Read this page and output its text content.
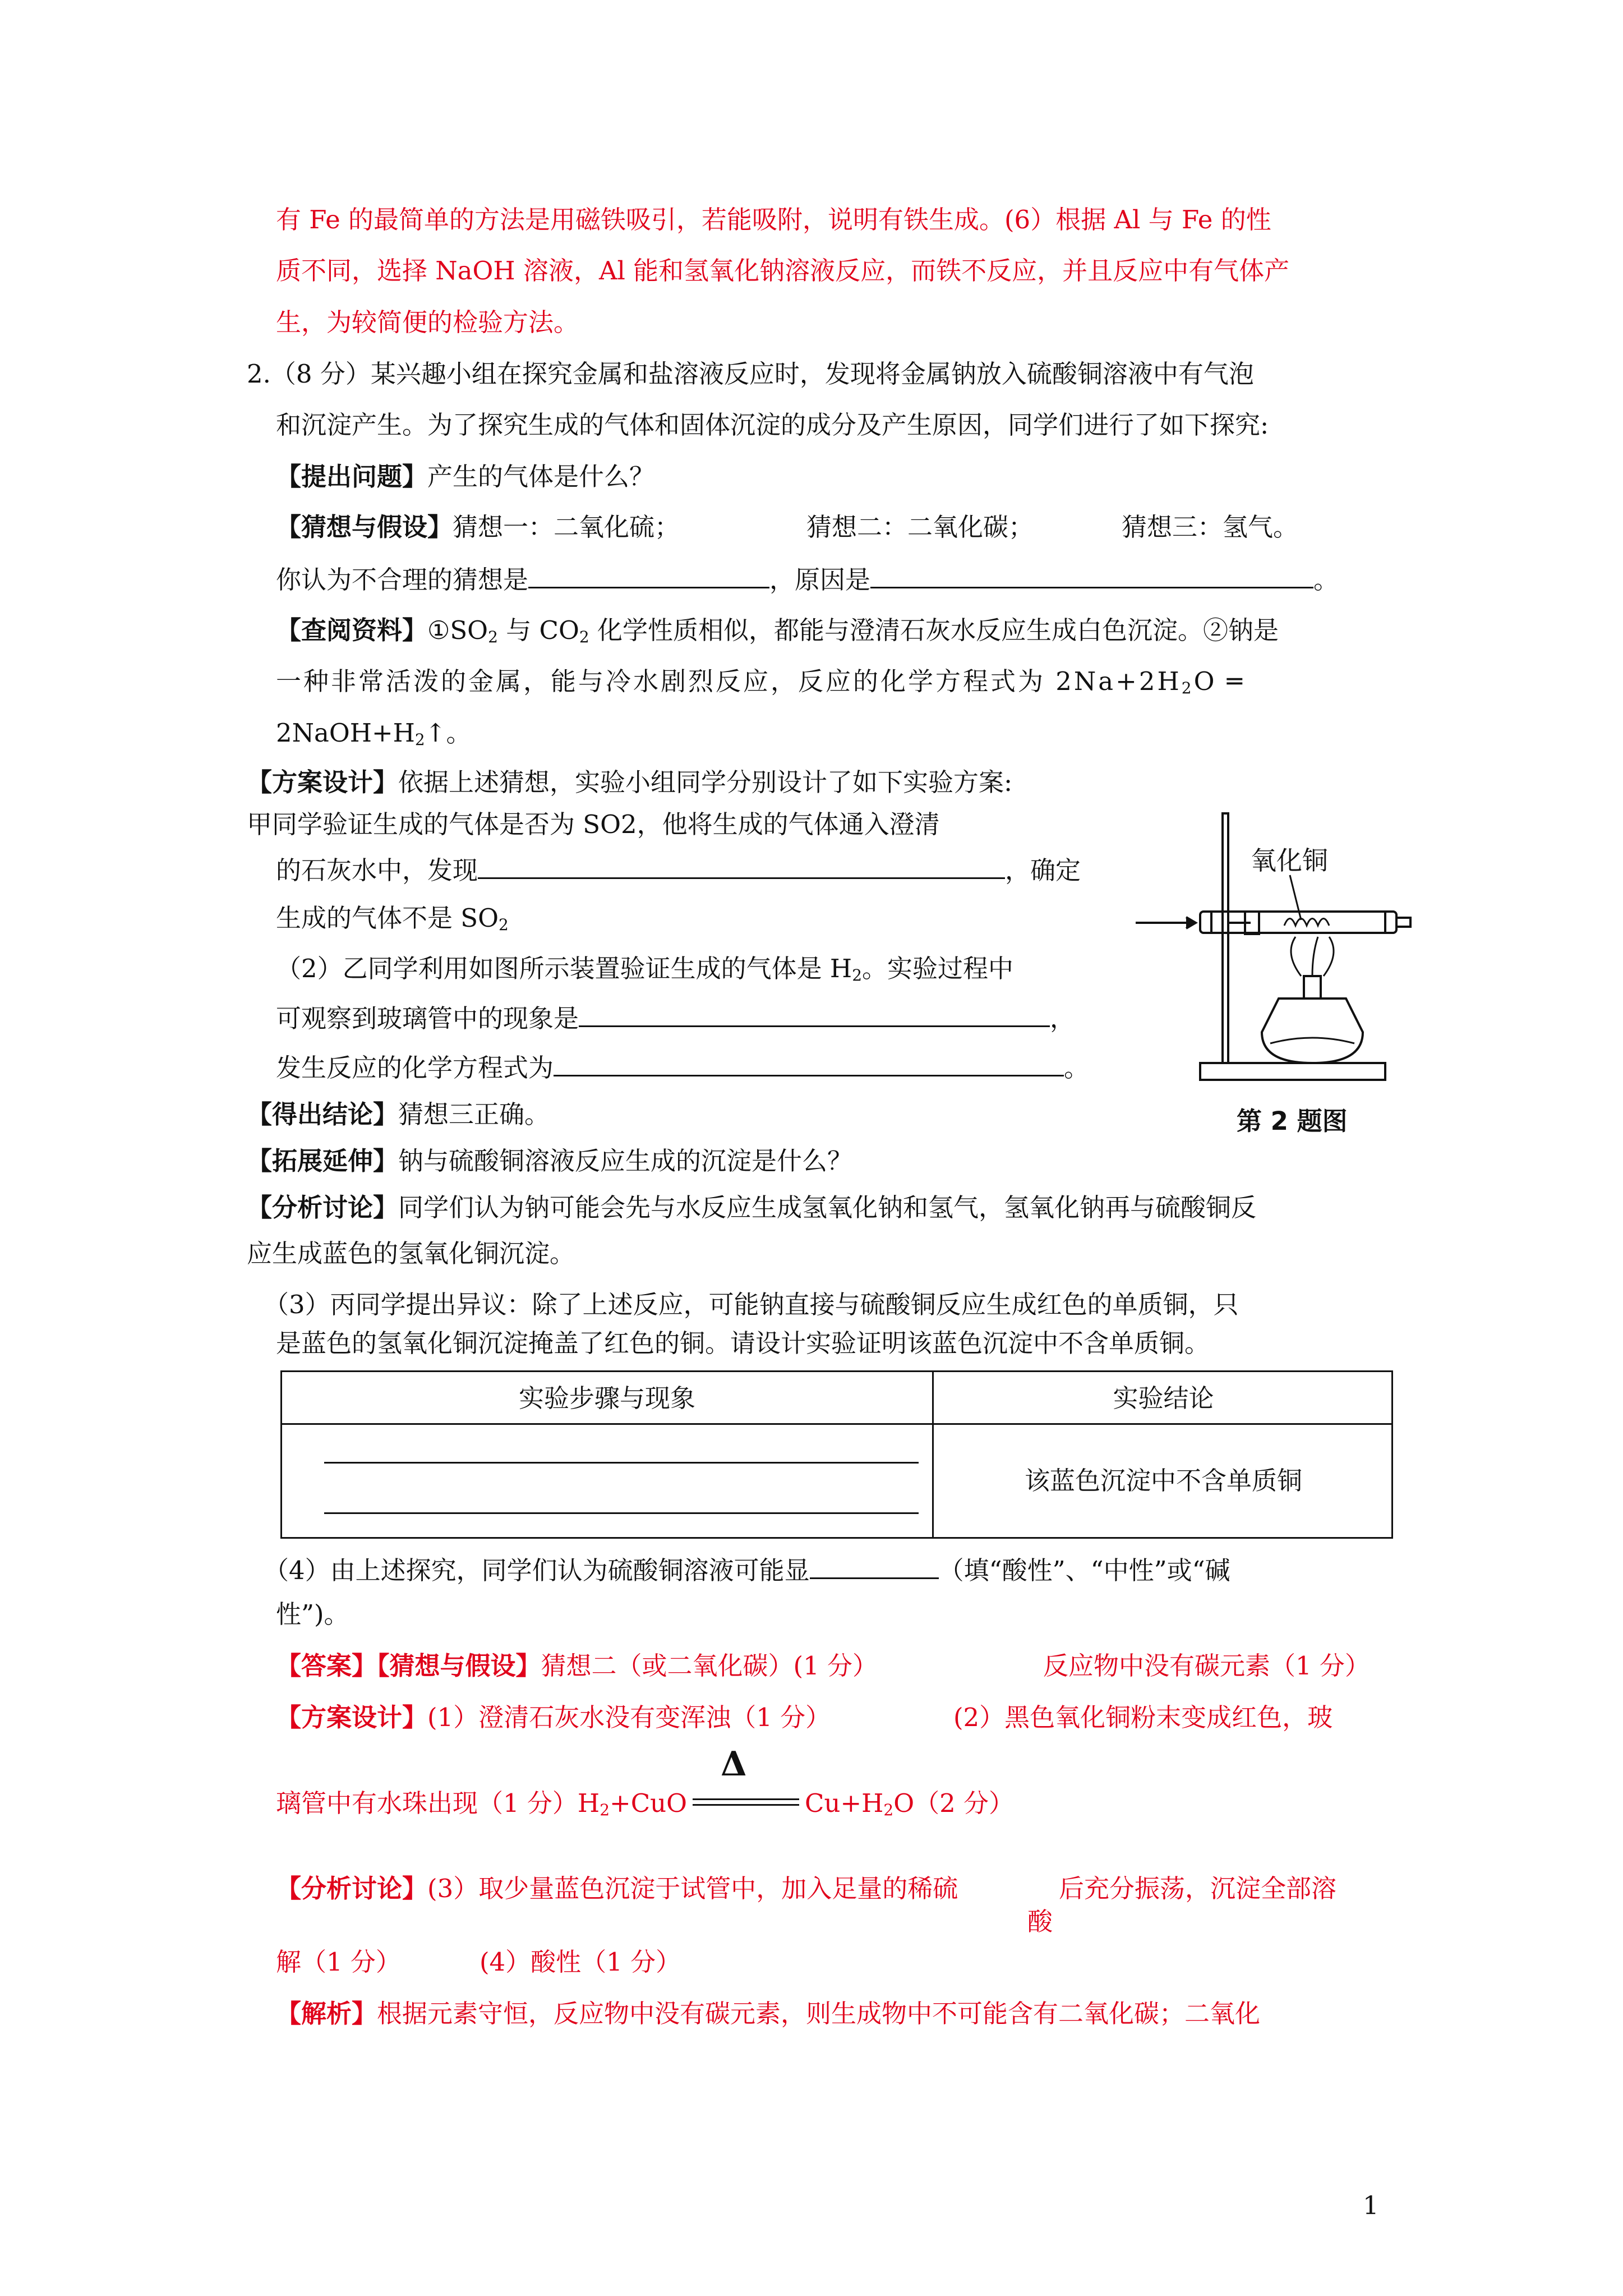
有 Fe 的最简单的方法是用磁铁吸引，若能吸附，说明有铁生成。(6）根据 Al 与 Fe 的性
质不同，选择 NaOH 溶液，Al 能和氢氧化钠溶液反应，而铁不反应，并且反应中有气体产
生，为较简便的检验方法。
2.（8 分）某兴趣小组在探究金属和盐溶液反应时，发现将金属钠放入硫酸铜溶液中有气泡
和沉淀产生。为了探究生成的气体和固体沉淀的成分及产生原因，同学们进行了如下探究:
【提出问题】产生的气体是什么？
【猜想与假设】猜想一：二氧化硫；	猜想二：二氧化碳；	猜想三：氢气。
你认为不合理的猜想是	，原因是	。
【查阅资料】$①SO_2$ 与 $CO_2$ 化学性质相似，都能与澄清石灰水反应生成白色沉淀。②钠是
一种非常活泼的金属，能与冷水剧烈反应，反应的化学方程式为 $2Na+2H_2O$ ═
$2NaOH+H_2↑$。
【方案设计】依据上述猜想，实验小组同学分别设计了如下实验方案:
甲同学验证生成的气体是否为 SO2，他将生成的气体通入澄清
的石灰水中，发现	，确定
生成的气体不是 $SO_2$
（2）乙同学利用如图所示装置验证生成的气体是 $H_2$。实验过程中
可观察到玻璃管中的现象是	，
发生反应的化学方程式为	。
氧化铜
第 2 题图
【得出结论】猜想三正确。
【拓展延伸】钠与硫酸铜溶液反应生成的沉淀是什么？
【分析讨论】同学们认为钠可能会先与水反应生成氢氧化钠和氢气，氢氧化钠再与硫酸铜反
应生成蓝色的氢氧化铜沉淀。
（3）丙同学提出异议：除了上述反应，可能钠直接与硫酸铜反应生成红色的单质铜，只
是蓝色的氢氧化铜沉淀掩盖了红色的铜。请设计实验证明该蓝色沉淀中不含单质铜。
实验步骤与现象	实验结论
该蓝色沉淀中不含单质铜
（4）由上述探究，同学们认为硫酸铜溶液可能显	（填“酸性”、“中性”或“碱
性”)。
【答案】【猜想与假设】猜想二（或二氧化碳）(1 分）	反应物中没有碳元素（1 分）
【方案设计】(1）澄清石灰水没有变浑浊（1 分）	(2）黑色氧化铜粉末变成红色，玻
璃管中有水珠出现（1 分）$H_2+CuO$	$Cu+H_2O(2$ 分）
Δ
【分析讨论】(3）取少量蓝色沉淀于试管中，加入足量的稀硫	后充分振荡，沉淀全部溶
酸
解（1 分）	(4）酸性（1 分）
【解析】根据元素守恒，反应物中没有碳元素，则生成物中不可能含有二氧化碳；二氧化
1
